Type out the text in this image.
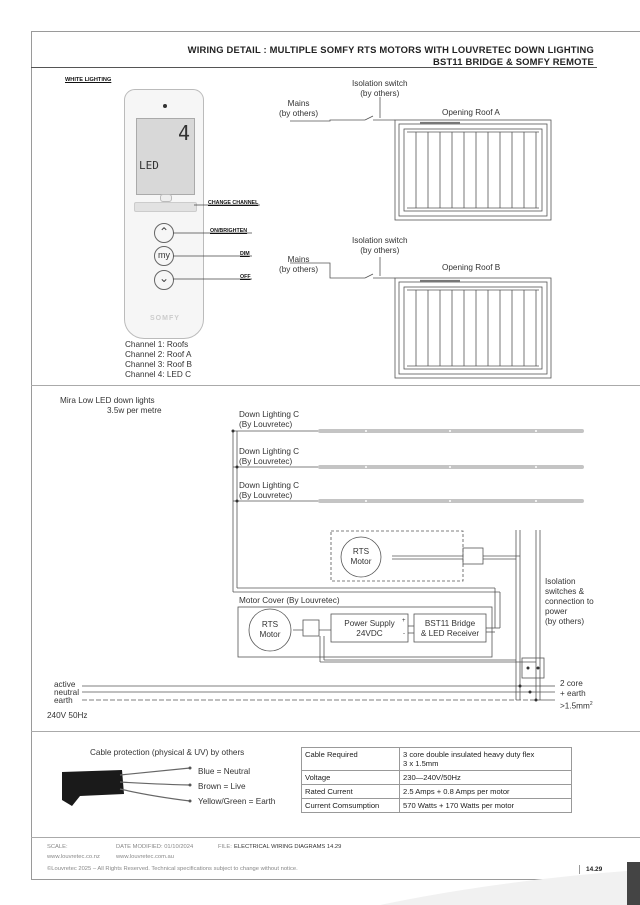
WIRING DETAIL : MULTIPLE SOMFY RTS MOTORS WITH LOUVRETEC DOWN LIGHTING
BST11 BRIDGE & SOMFY REMOTE
WHITE LIGHTING
4
LED
⌃
my
⌄
SOMFY
CHANGE CHANNEL
ON/BRIGHTEN
DIM
OFF
Channel 1: Roofs
Channel 2: Roof A
Channel 3: Roof B
Channel 4: LED C
Isolation switch
(by others)
Mains
(by others)	Opening Roof A
Isolation switch
(by others)
Mains
(by others)	Opening Roof B
Mira Low LED down lights
3.5w per metre	Down Lighting C
(By Louvretec)
Down Lighting C
(By Louvretec)
Down Lighting C
(By Louvretec)
RTS
Motor
Motor Cover (By Louvretec)
RTS
Motor
Power Supply
24VDC
+
-
BST11 Bridge
& LED Receiver
Isolation
switches &
connection to
power
(by others)
active
neutral
earth
240V 50Hz
2 core
+ earth
$>1.5mm^2$
Cable protection (physical & UV) by others
Blue = Neutral
Brown = Live
Yellow/Green = Earth
Cable Required	3 core double insulated heavy duty flex
3 x 1.5mm

Voltage	230—240V/50Hz
Rated Current	2.5 Amps + 0.8 Amps per motor
Current Comsumption	570 Watts + 170 Watts per motor
SCALE:	DATE MODIFIED: 01/10/2024	FILE: ELECTRICAL WIRING DIAGRAMS 14.29
www.louvretec.co.nz	www.louvretec.com.au
©Louvretec 2025 – All Rights Reserved. Technical specifications subject to change without notice.	14.29
